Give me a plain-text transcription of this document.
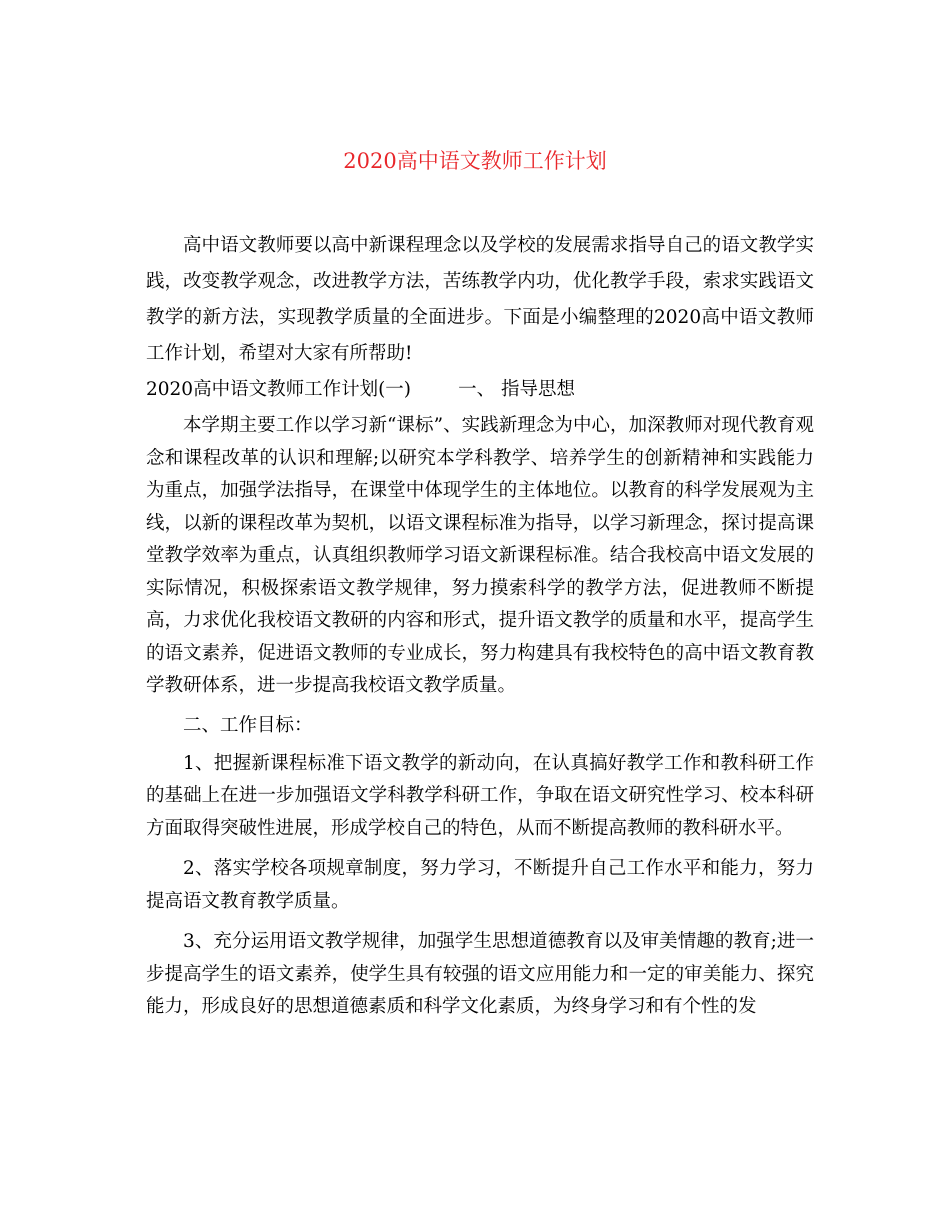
2020高中语文教师工作计划

高中语文教师要以高中新课程理念以及学校的发展需求指导自己的语文教学实践，改变教学观念，改进教学方法，苦练教学内功，优化教学手段，索求实践语文教学的新方法，实现教学质量的全面进步。下面是小编整理的2020高中语文教师工作计划，希望对大家有所帮助!

2020高中语文教师工作计划(一)	一、 指导思想

本学期主要工作以学习新“课标”、实践新理念为中心，加深教师对现代教育观念和课程改革的认识和理解;以研究本学科教学、培养学生的创新精神和实践能力为重点，加强学法指导，在课堂中体现学生的主体地位。以教育的科学发展观为主线，以新的课程改革为契机，以语文课程标准为指导，以学习新理念，探讨提高课堂教学效率为重点，认真组织教师学习语文新课程标准。结合我校高中语文发展的实际情况，积极探索语文教学规律，努力摸索科学的教学方法，促进教师不断提高，力求优化我校语文教研的内容和形式，提升语文教学的质量和水平，提高学生的语文素养，促进语文教师的专业成长，努力构建具有我校特色的高中语文教育教学教研体系，进一步提高我校语文教学质量。

二、工作目标：

1、把握新课程标准下语文教学的新动向，在认真搞好教学工作和教科研工作的基础上在进一步加强语文学科教学科研工作，争取在语文研究性学习、校本科研方面取得突破性进展，形成学校自己的特色，从而不断提高教师的教科研水平。

2、落实学校各项规章制度，努力学习，不断提升自己工作水平和能力，努力提高语文教育教学质量。

3、充分运用语文教学规律，加强学生思想道德教育以及审美情趣的教育;进一步提高学生的语文素养，使学生具有较强的语文应用能力和一定的审美能力、探究能力，形成良好的思想道德素质和科学文化素质，为终身学习和有个性的发
